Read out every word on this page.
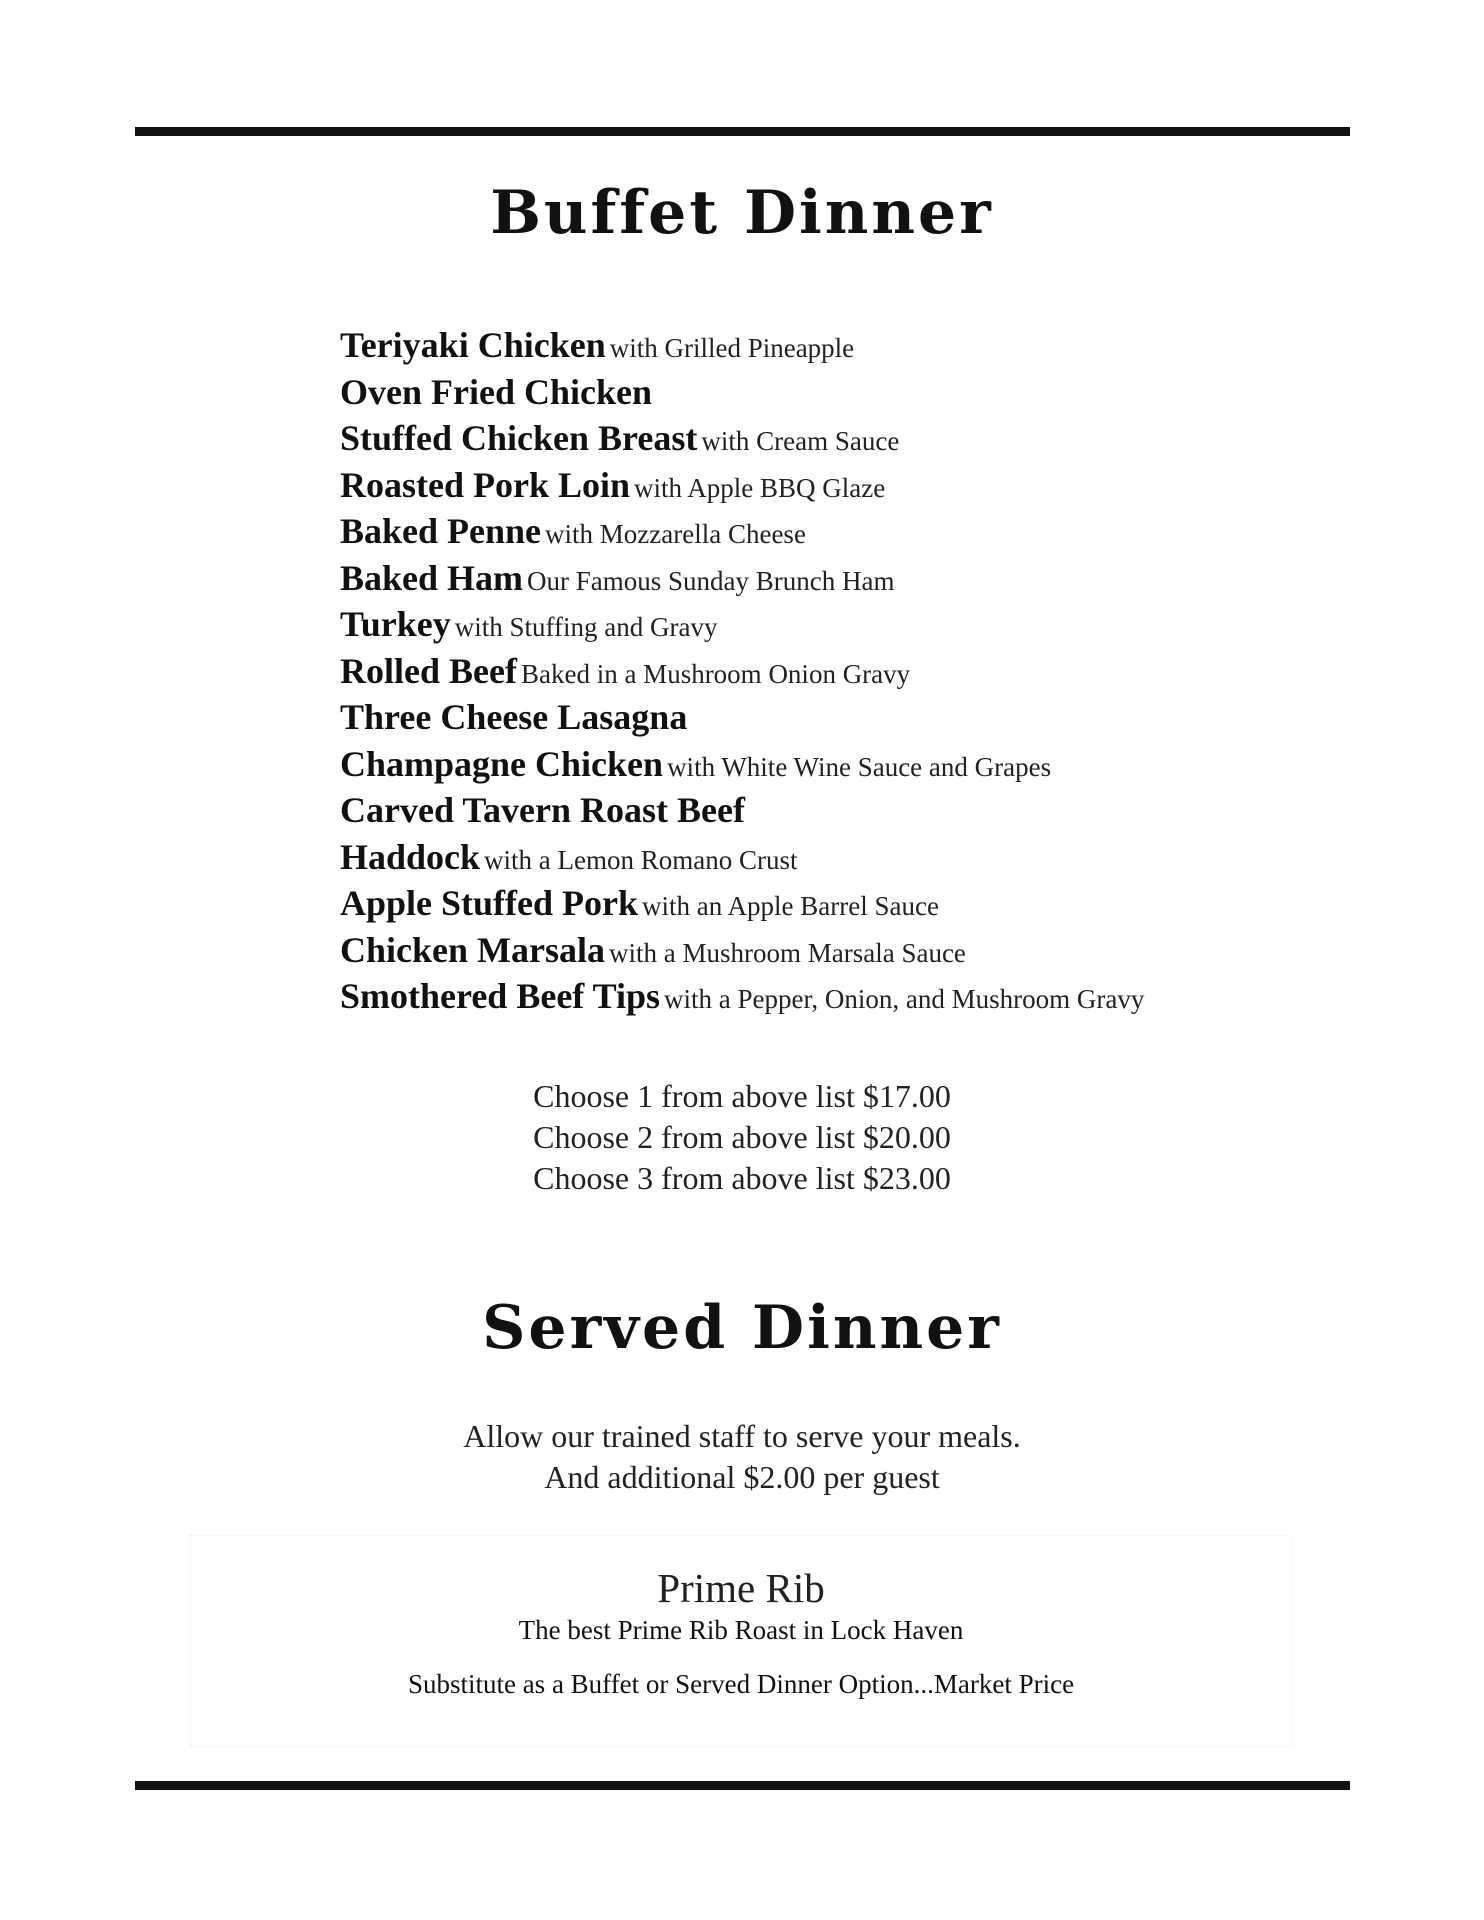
Buffet Dinner
Teriyaki Chicken with Grilled Pineapple
Oven Fried Chicken
Stuffed Chicken Breast with Cream Sauce
Roasted Pork Loin with Apple BBQ Glaze
Baked Penne with Mozzarella Cheese
Baked Ham Our Famous Sunday Brunch Ham
Turkey with Stuffing and Gravy
Rolled Beef Baked in a Mushroom Onion Gravy
Three Cheese Lasagna
Champagne Chicken with White Wine Sauce and Grapes
Carved Tavern Roast Beef
Haddock with a Lemon Romano Crust
Apple Stuffed Pork with an Apple Barrel Sauce
Chicken Marsala with a Mushroom Marsala Sauce
Smothered Beef Tips with a Pepper, Onion, and Mushroom Gravy
Choose 1 from above list $17.00
Choose 2 from above list $20.00
Choose 3 from above list $23.00
Served Dinner
Allow our trained staff to serve your meals.
And additional $2.00 per guest
Prime Rib
The best Prime Rib Roast in Lock Haven
Substitute as a Buffet or Served Dinner Option...Market Price
